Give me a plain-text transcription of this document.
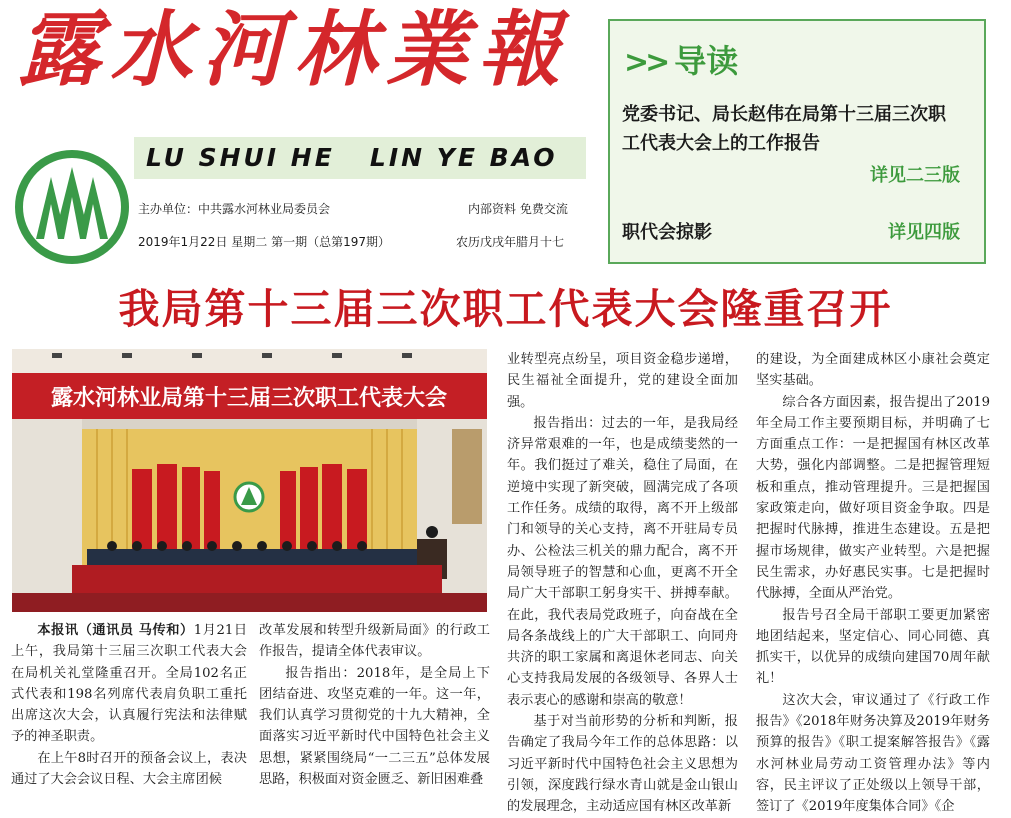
露水河林業報
LU SHUI HE   LIN YE BAO
主办单位：中共露水河林业局委员会	内部资料 免费交流
2019年1月22日 星期二 第一期（总第197期）	农历戊戌年腊月十七
>> 导读
党委书记、局长赵伟在局第十三届三次职工代表大会上的工作报告
详见二三版
职代会掠影	详见四版
我局第十三届三次职工代表大会隆重召开
露水河林业局第十三届三次职工代表大会

本报讯（通讯员 马传和）1月21日上午，我局第十三届三次职工代表大会在局机关礼堂隆重召开。全局102名正式代表和198名列席代表肩负职工重托出席这次大会，认真履行宪法和法律赋予的神圣职责。

在上午8时召开的预备会议上，表决通过了大会会议日程、大会主席团候

改革发展和转型升级新局面》的行政工作报告，提请全体代表审议。

报告指出：2018年，是全局上下团结奋进、攻坚克难的一年。这一年，我们认真学习贯彻党的十九大精神，全面落实习近平新时代中国特色社会主义思想，紧紧围绕局“一二三五”总体发展思路，积极面对资金匮乏、新旧困难叠

业转型亮点纷呈，项目资金稳步递增，民生福祉全面提升，党的建设全面加强。

报告指出：过去的一年，是我局经济异常艰难的一年，也是成绩斐然的一年。我们挺过了难关，稳住了局面，在逆境中实现了新突破，圆满完成了各项工作任务。成绩的取得，离不开上级部门和领导的关心支持，离不开驻局专员办、公检法三机关的鼎力配合，离不开局领导班子的智慧和心血，更离不开全局广大干部职工躬身实干、拼搏奉献。在此，我代表局党政班子，向奋战在全局各条战线上的广大干部职工、向同舟共济的职工家属和离退休老同志、向关心支持我局发展的各级领导、各界人士表示衷心的感谢和崇高的敬意！

基于对当前形势的分析和判断，报告确定了我局今年工作的总体思路：以习近平新时代中国特色社会主义思想为引领，深度践行绿水青山就是金山银山的发展理念，主动适应国有林区改革新

的建设，为全面建成林区小康社会奠定坚实基础。

综合各方面因素，报告提出了2019年全局工作主要预期目标，并明确了七方面重点工作：一是把握国有林区改革大势，强化内部调整。二是把握管理短板和重点，推动管理提升。三是把握国家政策走向，做好项目资金争取。四是把握时代脉搏，推进生态建设。五是把握市场规律，做实产业转型。六是把握民生需求，办好惠民实事。七是把握时代脉搏，全面从严治党。

报告号召全局干部职工要更加紧密地团结起来，坚定信心、同心同德、真抓实干，以优异的成绩向建国70周年献礼！

这次大会，审议通过了《行政工作报告》《2018年财务决算及2019年财务预算的报告》《职工提案解答报告》《露水河林业局劳动工资管理办法》等内容，民主评议了正处级以上领导干部，签订了《2019年度集体合同》《企
